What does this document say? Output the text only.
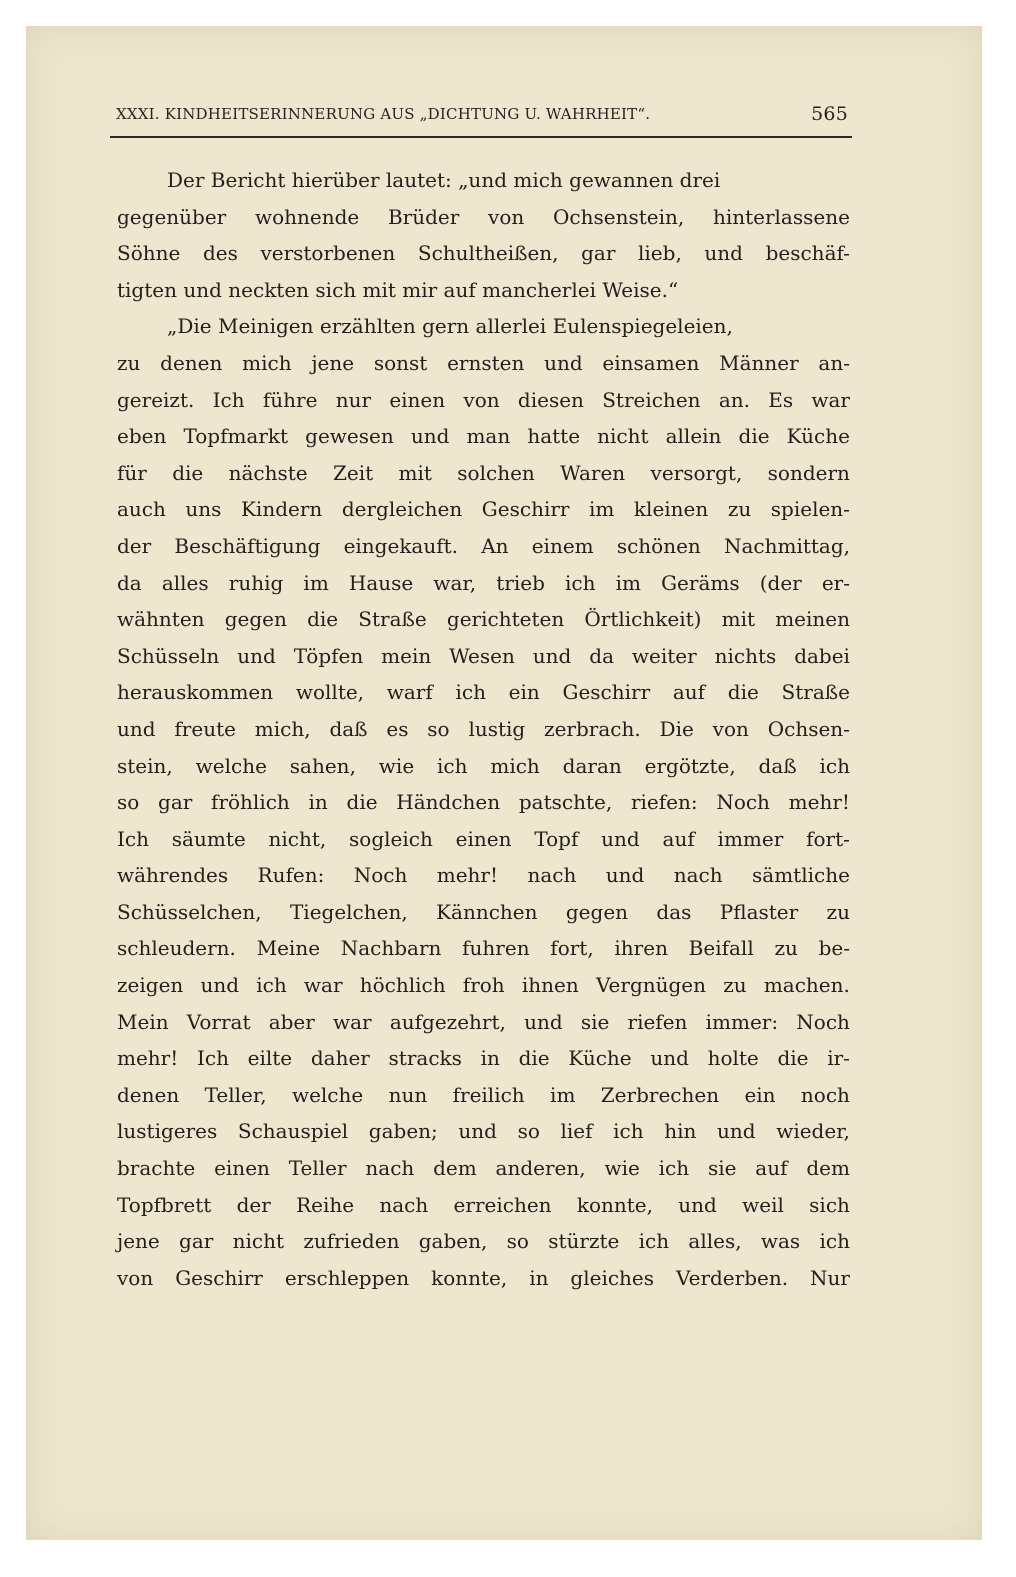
XXXI. KINDHEITSERINNERUNG AUS „DICHTUNG U. WAHRHEIT“.	565
Der Bericht hierüber lautet: „und mich gewannen drei
gegenüber wohnende Brüder von Ochsenstein, hinterlassene
Söhne des verstorbenen Schultheißen, gar lieb, und beschäf-
tigten und neckten sich mit mir auf mancherlei Weise.“
„Die Meinigen erzählten gern allerlei Eulenspiegeleien,
zu denen mich jene sonst ernsten und einsamen Männer an-
gereizt. Ich führe nur einen von diesen Streichen an. Es war
eben Topfmarkt gewesen und man hatte nicht allein die Küche
für die nächste Zeit mit solchen Waren versorgt, sondern
auch uns Kindern dergleichen Geschirr im kleinen zu spielen-
der Beschäftigung eingekauft. An einem schönen Nachmittag,
da alles ruhig im Hause war, trieb ich im Geräms (der er-
wähnten gegen die Straße gerichteten Örtlichkeit) mit meinen
Schüsseln und Töpfen mein Wesen und da weiter nichts dabei
herauskommen wollte, warf ich ein Geschirr auf die Straße
und freute mich, daß es so lustig zerbrach. Die von Ochsen-
stein, welche sahen, wie ich mich daran ergötzte, daß ich
so gar fröhlich in die Händchen patschte, riefen: Noch mehr!
Ich säumte nicht, sogleich einen Topf und auf immer fort-
währendes Rufen: Noch mehr! nach und nach sämtliche
Schüsselchen, Tiegelchen, Kännchen gegen das Pflaster zu
schleudern. Meine Nachbarn fuhren fort, ihren Beifall zu be-
zeigen und ich war höchlich froh ihnen Vergnügen zu machen.
Mein Vorrat aber war aufgezehrt, und sie riefen immer: Noch
mehr! Ich eilte daher stracks in die Küche und holte die ir-
denen Teller, welche nun freilich im Zerbrechen ein noch
lustigeres Schauspiel gaben; und so lief ich hin und wieder,
brachte einen Teller nach dem anderen, wie ich sie auf dem
Topfbrett der Reihe nach erreichen konnte, und weil sich
jene gar nicht zufrieden gaben, so stürzte ich alles, was ich
von Geschirr erschleppen konnte, in gleiches Verderben. Nur
